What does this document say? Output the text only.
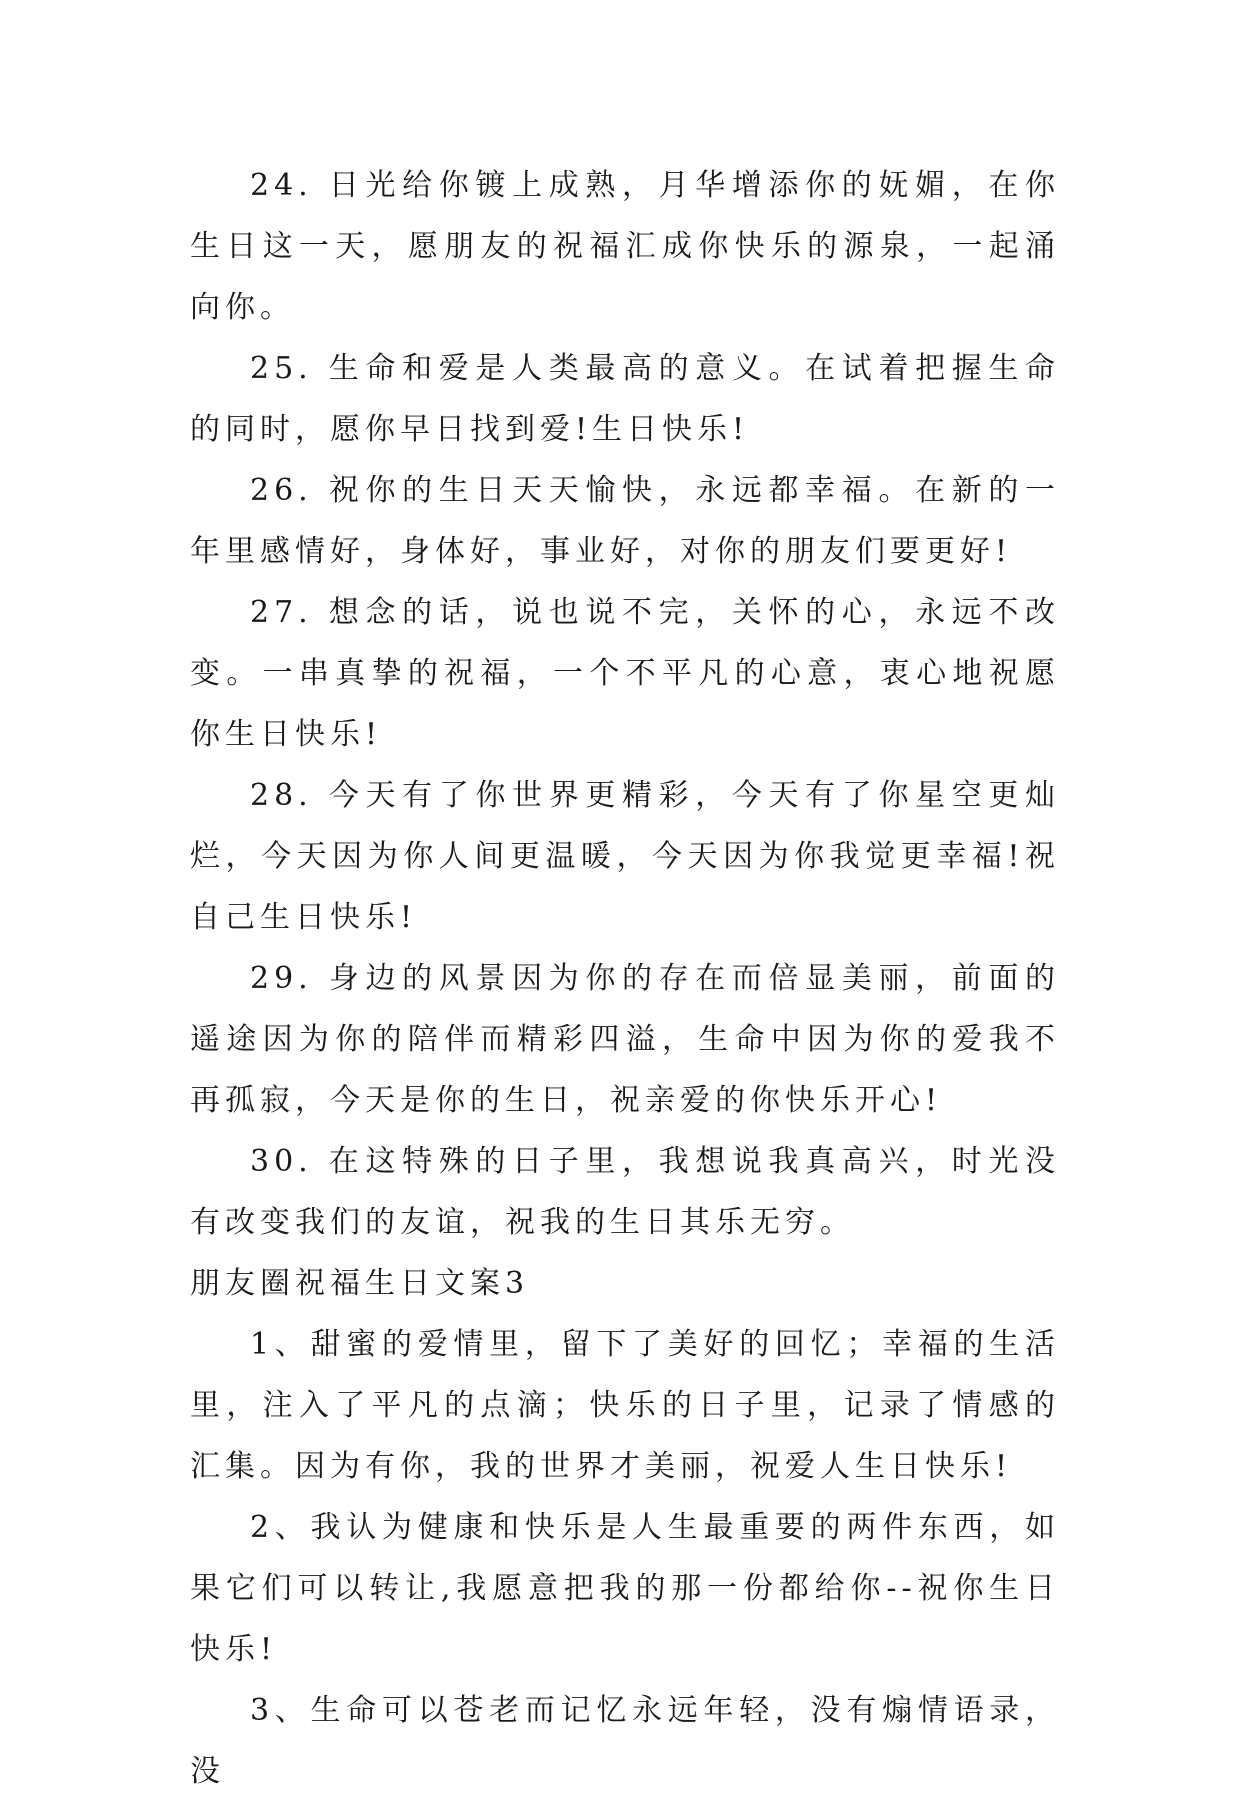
24. 日光给你镀上成熟，月华增添你的妩媚，在你生日这一天，愿朋友的祝福汇成你快乐的源泉，一起涌向你。

25. 生命和爱是人类最高的意义。在试着把握生命的同时，愿你早日找到爱!生日快乐!

26. 祝你的生日天天愉快，永远都幸福。在新的一年里感情好，身体好，事业好，对你的朋友们要更好!

27. 想念的话，说也说不完，关怀的心，永远不改变。一串真挚的祝福，一个不平凡的心意，衷心地祝愿你生日快乐!

28. 今天有了你世界更精彩，今天有了你星空更灿烂，今天因为你人间更温暖，今天因为你我觉更幸福!祝自己生日快乐!

29. 身边的风景因为你的存在而倍显美丽，前面的遥途因为你的陪伴而精彩四溢，生命中因为你的爱我不再孤寂，今天是你的生日，祝亲爱的你快乐开心!

30. 在这特殊的日子里，我想说我真高兴，时光没有改变我们的友谊，祝我的生日其乐无穷。

朋友圈祝福生日文案3

1、甜蜜的爱情里，留下了美好的回忆；幸福的生活里，注入了平凡的点滴；快乐的日子里，记录了情感的汇集。因为有你，我的世界才美丽，祝爱人生日快乐!

2、我认为健康和快乐是人生最重要的两件东西，如果它们可以转让,我愿意把我的那一份都给你--祝你生日快乐!

3、生命可以苍老而记忆永远年轻，没有煽情语录，没
